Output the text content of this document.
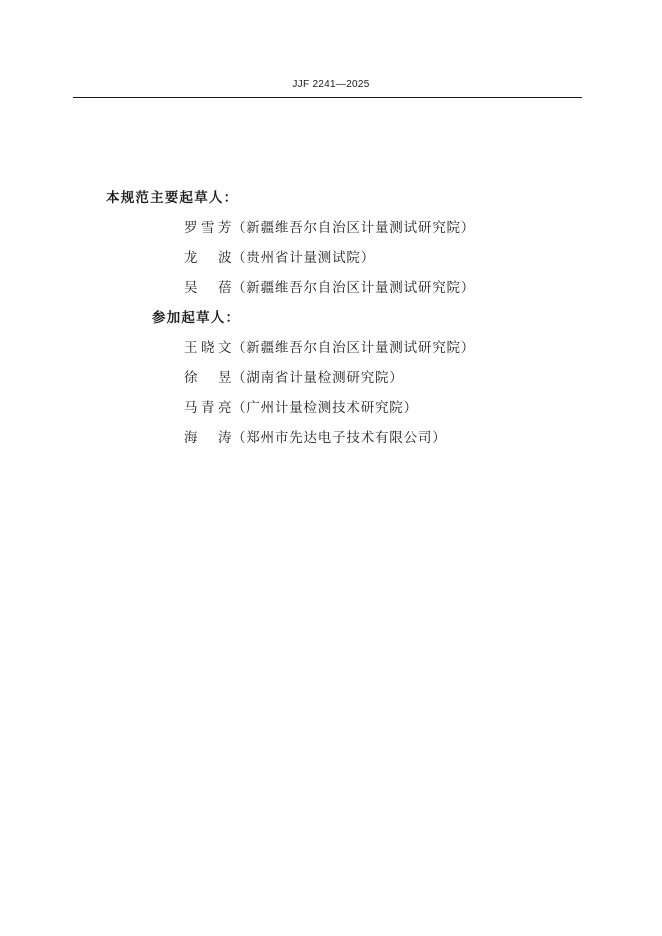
JJF 2241—2025
本规范主要起草人：
罗雪芳（新疆维吾尔自治区计量测试研究院）
龙　波（贵州省计量测试院）
吴　蓓（新疆维吾尔自治区计量测试研究院）
参加起草人：
王晓文（新疆维吾尔自治区计量测试研究院）
徐　昱（湖南省计量检测研究院）
马青亮（广州计量检测技术研究院）
海　涛（郑州市先达电子技术有限公司）
